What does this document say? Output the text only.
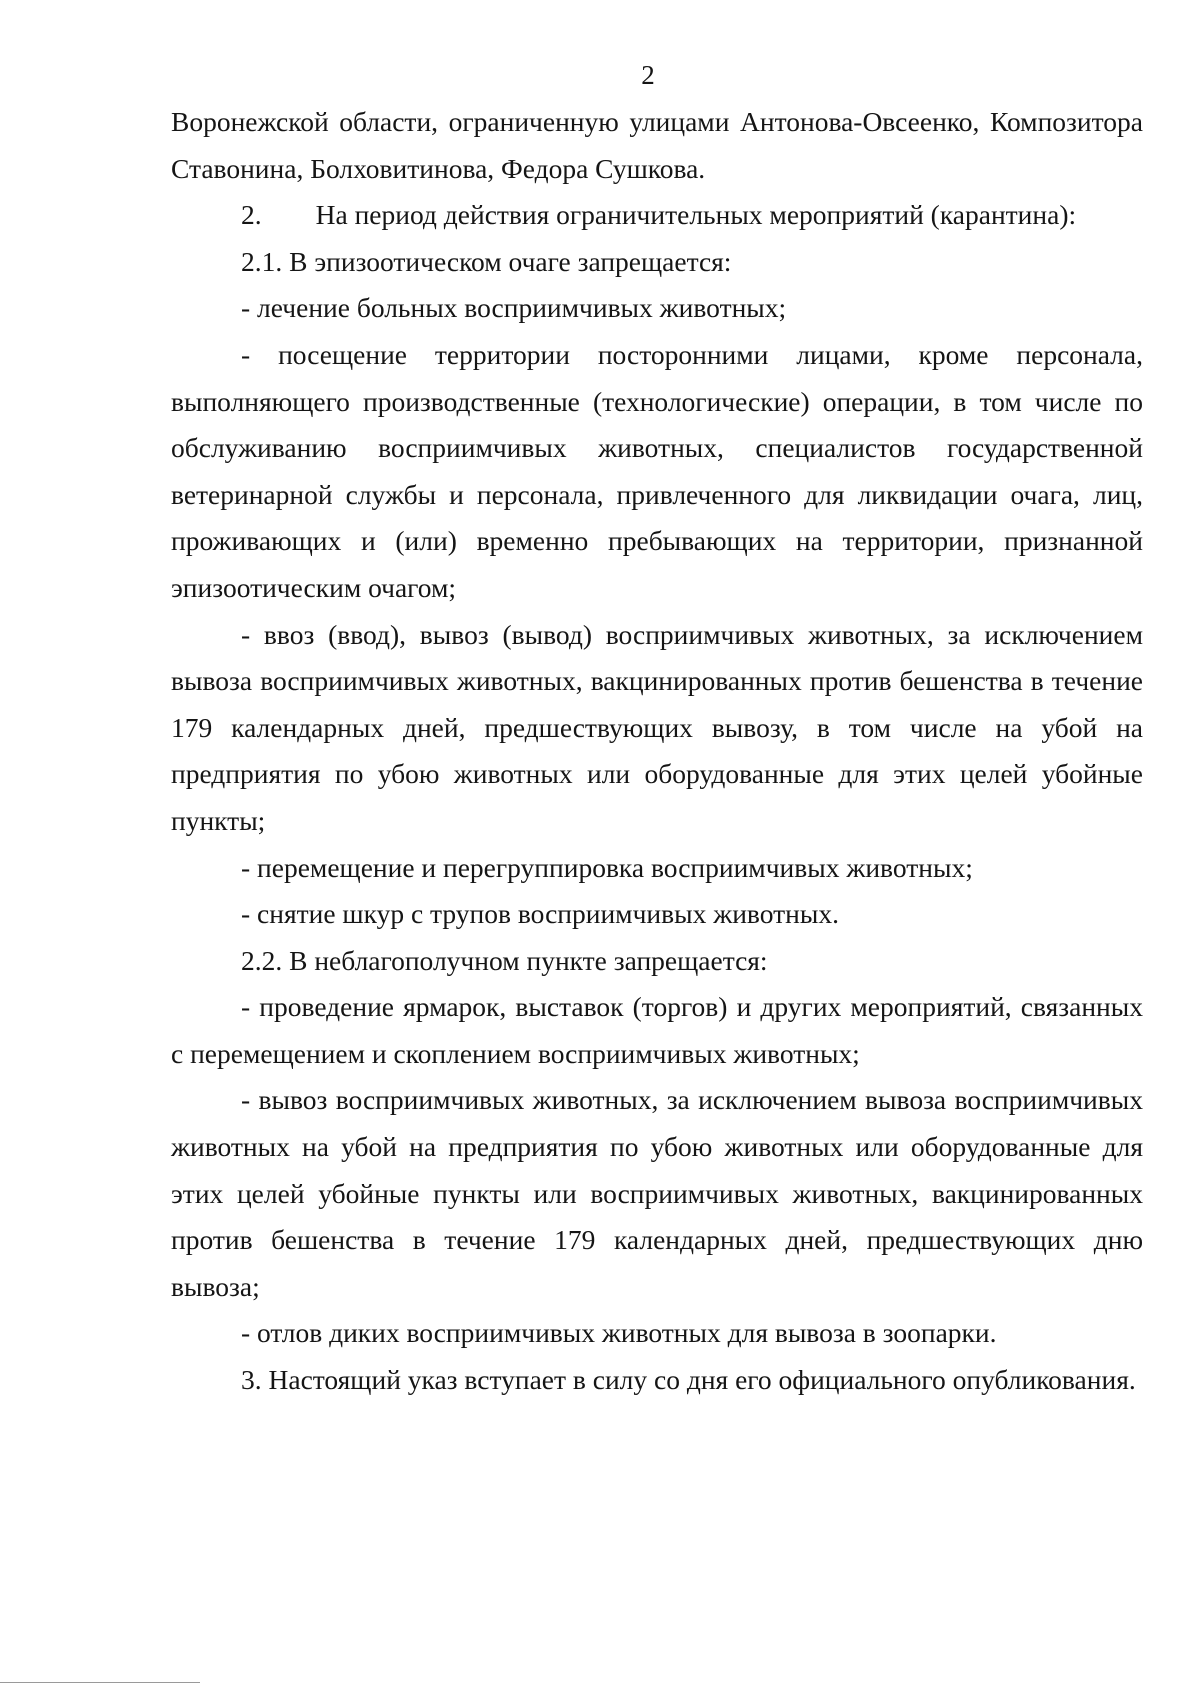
2

Воронежской области, ограниченную улицами Антонова-Овсеенко, Композитора Ставонина, Болховитинова, Федора Сушкова.

2. На период действия ограничительных мероприятий (карантина):

2.1. В эпизоотическом очаге запрещается:

- лечение больных восприимчивых животных;

- посещение территории посторонними лицами, кроме персонала, выполняющего производственные (технологические) операции, в том числе по обслуживанию восприимчивых животных, специалистов государственной ветеринарной службы и персонала, привлеченного для ликвидации очага, лиц, проживающих и (или) временно пребывающих на территории, признанной эпизоотическим очагом;

- ввоз (ввод), вывоз (вывод) восприимчивых животных, за исключением вывоза восприимчивых животных, вакцинированных против бешенства в течение 179 календарных дней, предшествующих вывозу, в том числе на убой на предприятия по убою животных или оборудованные для этих целей убойные пункты;

- перемещение и перегруппировка восприимчивых животных;

- снятие шкур с трупов восприимчивых животных.

2.2. В неблагополучном пункте запрещается:

- проведение ярмарок, выставок (торгов) и других мероприятий, связанных с перемещением и скоплением восприимчивых животных;

- вывоз восприимчивых животных, за исключением вывоза восприимчивых животных на убой на предприятия по убою животных или оборудованные для этих целей убойные пункты или восприимчивых животных, вакцинированных против бешенства в течение 179 календарных дней, предшествующих дню вывоза;

- отлов диких восприимчивых животных для вывоза в зоопарки.

3. Настоящий указ вступает в силу со дня его официального опубликования.
